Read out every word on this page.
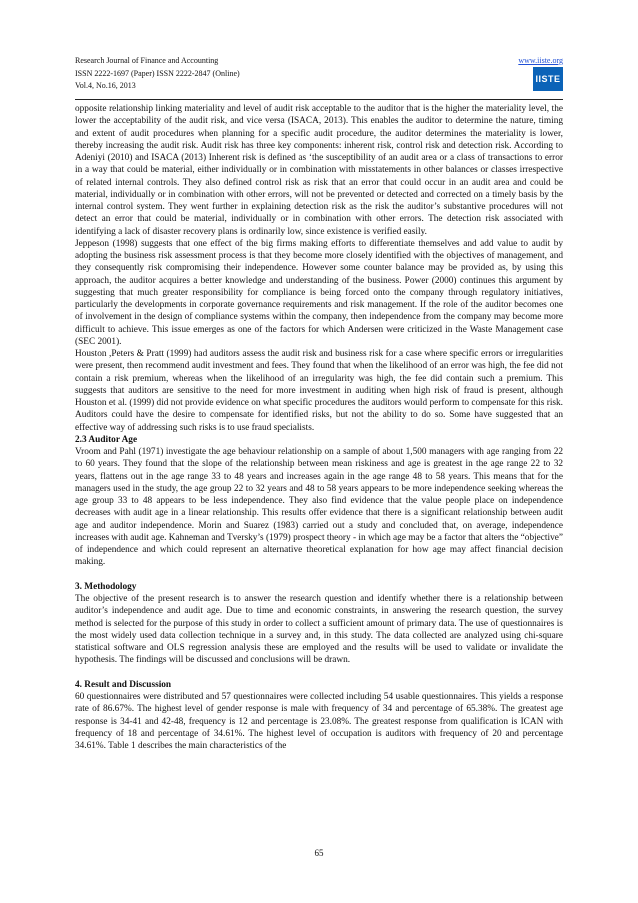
Research Journal of Finance and Accounting
ISSN 2222-1697 (Paper) ISSN 2222-2847 (Online)
Vol.4, No.16, 2013
www.iiste.org
IISTE

opposite relationship linking materiality and level of audit risk acceptable to the auditor that is the higher the materiality level, the lower the acceptability of the audit risk, and vice versa (ISACA, 2013). This enables the auditor to determine the nature, timing and extent of audit procedures when planning for a specific audit procedure, the auditor determines the materiality is lower, thereby increasing the audit risk. Audit risk has three key components: inherent risk, control risk and detection risk. According to Adeniyi (2010) and ISACA (2013) Inherent risk is defined as ‘the susceptibility of an audit area or a class of transactions to error in a way that could be material, either individually or in combination with misstatements in other balances or classes irrespective of related internal controls. They also defined control risk as risk that an error that could occur in an audit area and could be material, individually or in combination with other errors, will not be prevented or detected and corrected on a timely basis by the internal control system. They went further in explaining detection risk as the risk the auditor’s substantive procedures will not detect an error that could be material, individually or in combination with other errors. The detection risk associated with identifying a lack of disaster recovery plans is ordinarily low, since existence is verified easily.

Jeppeson (1998) suggests that one effect of the big firms making efforts to differentiate themselves and add value to audit by adopting the business risk assessment process is that they become more closely identified with the objectives of management, and they consequently risk compromising their independence. However some counter balance may be provided as, by using this approach, the auditor acquires a better knowledge and understanding of the business. Power (2000) continues this argument by suggesting that much greater responsibility for compliance is being forced onto the company through regulatory initiatives, particularly the developments in corporate governance requirements and risk management. If the role of the auditor becomes one of involvement in the design of compliance systems within the company, then independence from the company may become more difficult to achieve. This issue emerges as one of the factors for which Andersen were criticized in the Waste Management case (SEC 2001).

Houston ,Peters & Pratt (1999) had auditors assess the audit risk and business risk for a case where specific errors or irregularities were present, then recommend audit investment and fees. They found that when the likelihood of an error was high, the fee did not contain a risk premium, whereas when the likelihood of an irregularity was high, the fee did contain such a premium. This suggests that auditors are sensitive to the need for more investment in auditing when high risk of fraud is present, although Houston et al. (1999) did not provide evidence on what specific procedures the auditors would perform to compensate for this risk. Auditors could have the desire to compensate for identified risks, but not the ability to do so. Some have suggested that an effective way of addressing such risks is to use fraud specialists.

2.3 Auditor Age

Vroom and Pahl (1971) investigate the age behaviour relationship on a sample of about 1,500 managers with age ranging from 22 to 60 years. They found that the slope of the relationship between mean riskiness and age is greatest in the age range 22 to 32 years, flattens out in the age range 33 to 48 years and increases again in the age range 48 to 58 years. This means that for the managers used in the study, the age group 22 to 32 years and 48 to 58 years appears to be more independence seeking whereas the age group 33 to 48 appears to be less independence. They also find evidence that the value people place on independence decreases with audit age in a linear relationship. This results offer evidence that there is a significant relationship between audit age and auditor independence. Morin and Suarez (1983) carried out a study and concluded that, on average, independence increases with audit age. Kahneman and Tversky’s (1979) prospect theory - in which age may be a factor that alters the “objective” of independence and which could represent an alternative theoretical explanation for how age may affect financial decision making.

3. Methodology

The objective of the present research is to answer the research question and identify whether there is a relationship between auditor’s independence and audit age. Due to time and economic constraints, in answering the research question, the survey method is selected for the purpose of this study in order to collect a sufficient amount of primary data. The use of questionnaires is the most widely used data collection technique in a survey and, in this study. The data collected are analyzed using chi-square statistical software and OLS regression analysis these are employed and the results will be used to validate or invalidate the hypothesis. The findings will be discussed and conclusions will be drawn.

4. Result and Discussion

60 questionnaires were distributed and 57 questionnaires were collected including 54 usable questionnaires. This yields a response rate of 86.67%. The highest level of gender response is male with frequency of 34 and percentage of 65.38%. The greatest age response is 34-41 and 42-48, frequency is 12 and percentage is 23.08%. The greatest response from qualification is ICAN with frequency of 18 and percentage of 34.61%. The highest level of occupation is auditors with frequency of 20 and percentage 34.61%. Table 1 describes the main characteristics of the

65
